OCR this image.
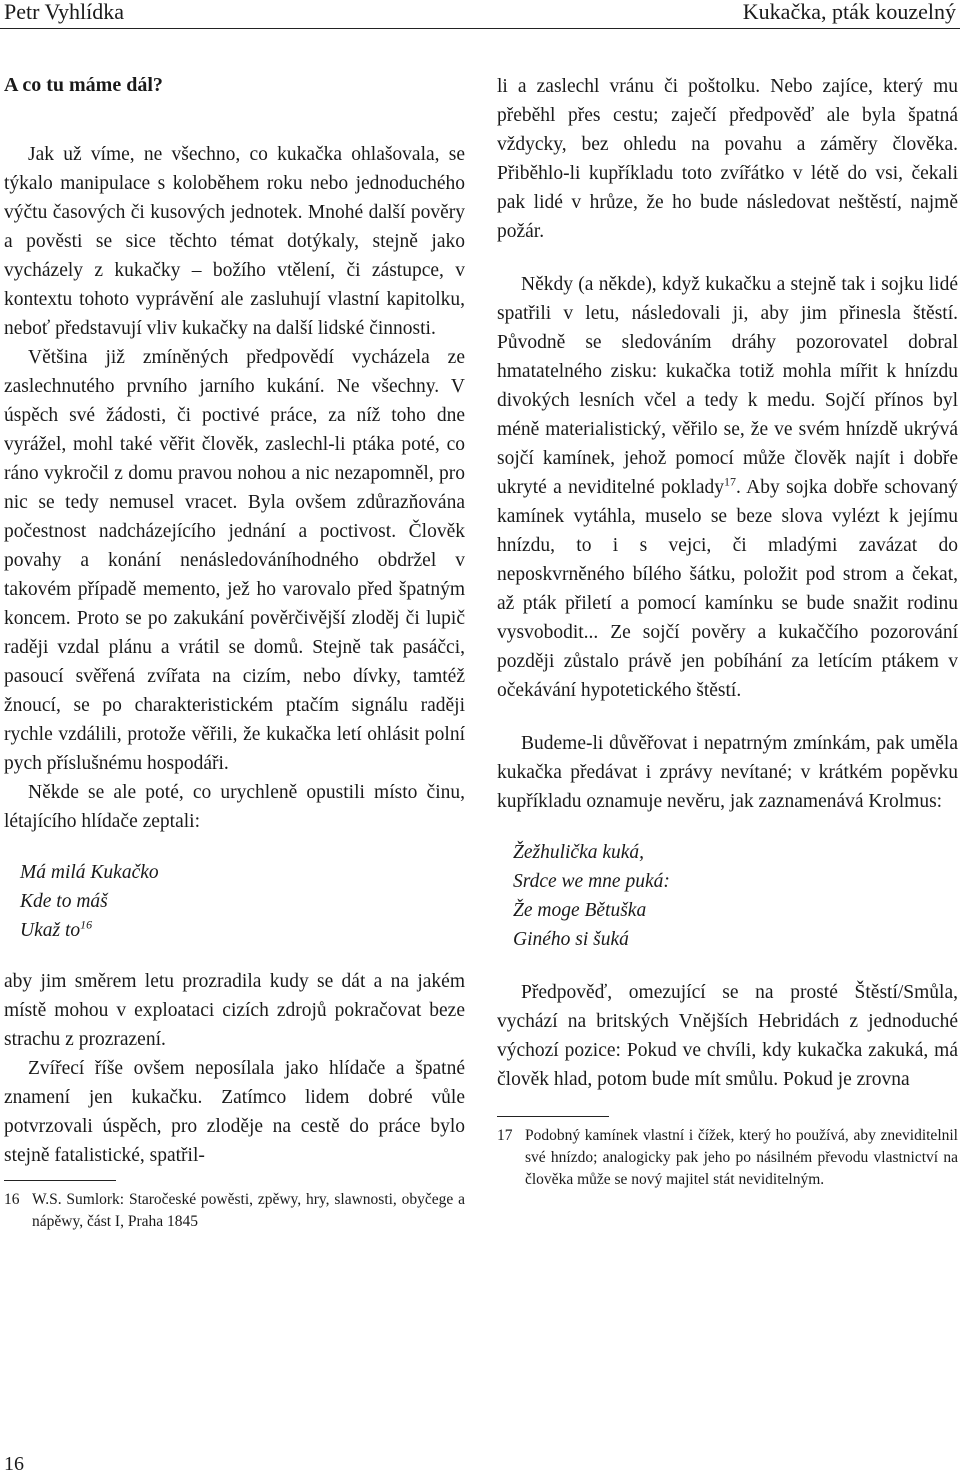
Petr Vyhlídka	Kukačka, pták kouzelný
A co tu máme dál?

Jak už víme, ne všechno, co kukačka ohlašovala, se týkalo manipulace s koloběhem roku nebo jednoduchého výčtu časových či kusových jednotek. Mnohé další pověry a pověsti se sice těchto témat dotýkaly, stejně jako vycházely z kukačky – božího vtělení, či zástupce, v kontextu tohoto vyprávění ale zasluhují vlastní kapitolku, neboť představují vliv kukačky na další lidské činnosti.

Většina již zmíněných předpovědí vycházela ze zaslechnutého prvního jarního kukání. Ne všechny. V úspěch své žádosti, či poctivé práce, za níž toho dne vyrážel, mohl také věřit člověk, zaslechl-li ptáka poté, co ráno vykročil z domu pravou nohou a nic nezapomněl, pro nic se tedy nemusel vracet. Byla ovšem zdůrazňována počestnost nadcházejícího jednání a poctivost. Člověk povahy a konání nenásledováníhodného obdržel v takovém případě memento, jež ho varovalo před špatným koncem. Proto se po zakukání pověrčivější zloděj či lupič raději vzdal plánu a vrátil se domů. Stejně tak pasáčci, pasoucí svěřená zvířata na cizím, nebo dívky, tamtéž žnoucí, se po charakteristickém ptačím signálu raději rychle vzdálili, protože věřili, že kukačka letí ohlásit polní pych příslušnému hospodáři.

Někde se ale poté, co urychleně opustili místo činu, létajícího hlídače zeptali:

Má milá Kukačko
Kde to máš
Ukaž $to^{16}$

aby jim směrem letu prozradila kudy se dát a na jakém místě mohou v exploataci cizích zdrojů pokračovat beze strachu z prozrazení.

Zvířecí říše ovšem neposílala jako hlídače a špatné znamení jen kukačku. Zatímco lidem dobré vůle potvrzovali úspěch, pro zloděje na cestě do práce bylo stejně fatalistické, spatřil-

16 W.S. Sumlork: Staročeské powěsti, zpěwy, hry, slawnosti, obyčege a nápěwy, část I, Praha 1845

li a zaslechl vránu či poštolku. Nebo zajíce, který mu přeběhl přes cestu; zaječí předpověď ale byla špatná vždycky, bez ohledu na povahu a záměry člověka. Přiběhlo-li kupříkladu toto zvířátko v létě do vsi, čekali pak lidé v hrůze, že ho bude následovat neštěstí, najmě požár.

Někdy (a někde), když kukačku a stejně tak i sojku lidé spatřili v letu, následovali ji, aby jim přinesla štěstí. Původně se sledováním dráhy pozorovatel dobral hmatatelného zisku: kukačka totiž mohla mířit k hnízdu divokých lesních včel a tedy k medu. Sojčí přínos byl méně materialistický, věřilo se, že ve svém hnízdě ukrývá sojčí kamínek, jehož pomocí může člověk najít i dobře ukryté a neviditelné poklady$^{17}$. Aby sojka dobře schovaný kamínek vytáhla, muselo se beze slova vylézt k jejímu hnízdu, to i s vejci, či mladými zavázat do neposkvrněného bílého šátku, položit pod strom a čekat, až pták přiletí a pomocí kamínku se bude snažit rodinu vysvobodit... Ze sojčí pověry a kukaččího pozorování později zůstalo právě jen pobíhání za letícím ptákem v očekávání hypotetického štěstí.

Budeme-li důvěřovat i nepatrným zmínkám, pak uměla kukačka předávat i zprávy nevítané; v krátkém popěvku kupříkladu oznamuje nevěru, jak zaznamenává Krolmus:

Žežhulička kuká,
Srdce we mne puká:
Že moge Bětuška
Giného si šuká

Předpověď, omezující se na prosté Štěstí/Smůla, vychází na britských Vnějších Hebridách z jednoduché výchozí pozice: Pokud ve chvíli, kdy kukačka zakuká, má člověk hlad, potom bude mít smůlu. Pokud je zrovna

17 Podobný kamínek vlastní i čížek, který ho používá, aby zneviditelnil své hnízdo; analogicky pak jeho po násilném převodu vlastnictví na člověka může se nový majitel stát neviditelným.
16
